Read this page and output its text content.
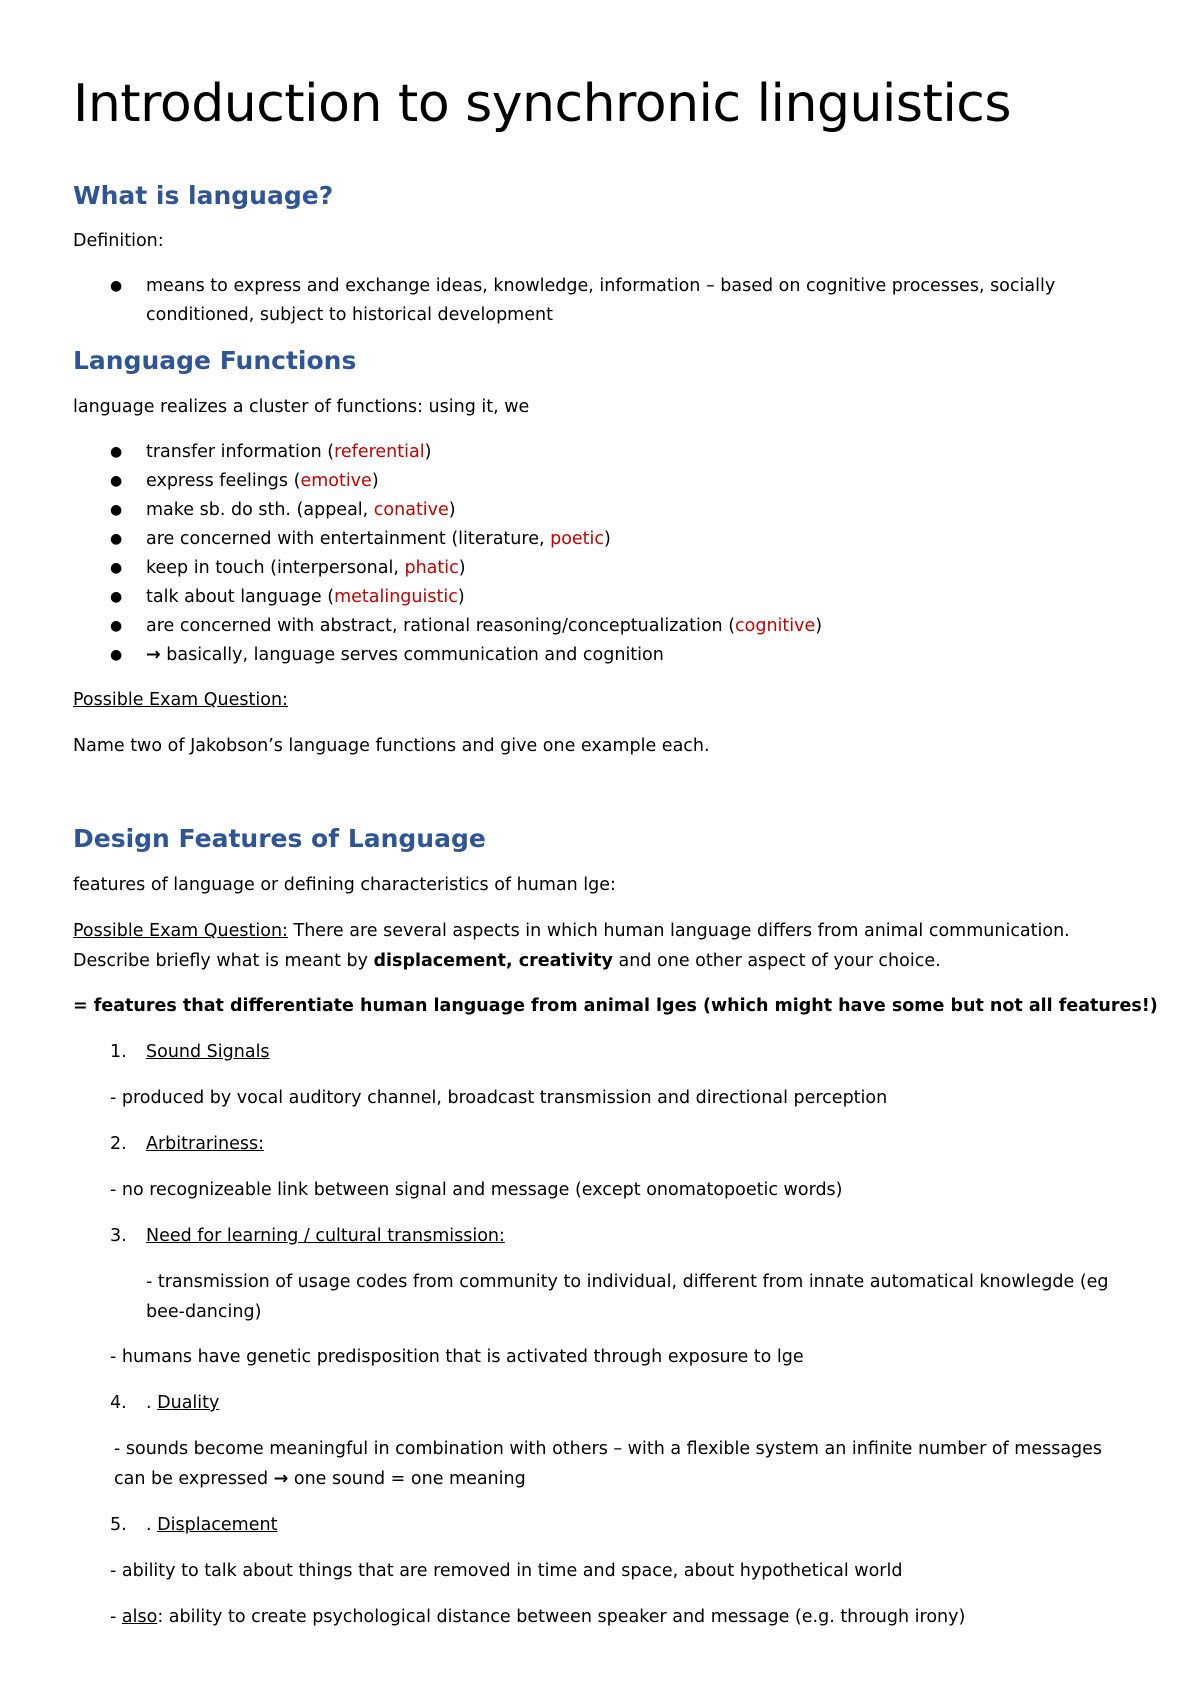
Introduction to synchronic linguistics
What is language?
Definition:
● means to express and exchange ideas, knowledge, information – based on cognitive processes, socially
conditioned, subject to historical development
Language Functions
language realizes a cluster of functions: using it, we
● transfer information (referential)
● express feelings (emotive)
● make sb. do sth. (appeal, conative)
● are concerned with entertainment (literature, poetic)
● keep in touch (interpersonal, phatic)
● talk about language (metalinguistic)
● are concerned with abstract, rational reasoning/conceptualization (cognitive)
● → basically, language serves communication and cognition
Possible Exam Question:
Name two of Jakobson’s language functions and give one example each.
Design Features of Language
features of language or defining characteristics of human lge:
Possible Exam Question: There are several aspects in which human language differs from animal communication.
Describe briefly what is meant by displacement, creativity and one other aspect of your choice.
= features that differentiate human language from animal lges (which might have some but not all features!)
1. Sound Signals
- produced by vocal auditory channel, broadcast transmission and directional perception
2. Arbitrariness:
- no recognizeable link between signal and message (except onomatopoetic words)
3. Need for learning / cultural transmission:
- transmission of usage codes from community to individual, different from innate automatical knowlegde (eg
bee-dancing)
- humans have genetic predisposition that is activated through exposure to lge
4. . Duality
- sounds become meaningful in combination with others – with a flexible system an infinite number of messages
can be expressed → one sound = one meaning
5. . Displacement
- ability to talk about things that are removed in time and space, about hypothetical world
- also: ability to create psychological distance between speaker and message (e.g. through irony)
